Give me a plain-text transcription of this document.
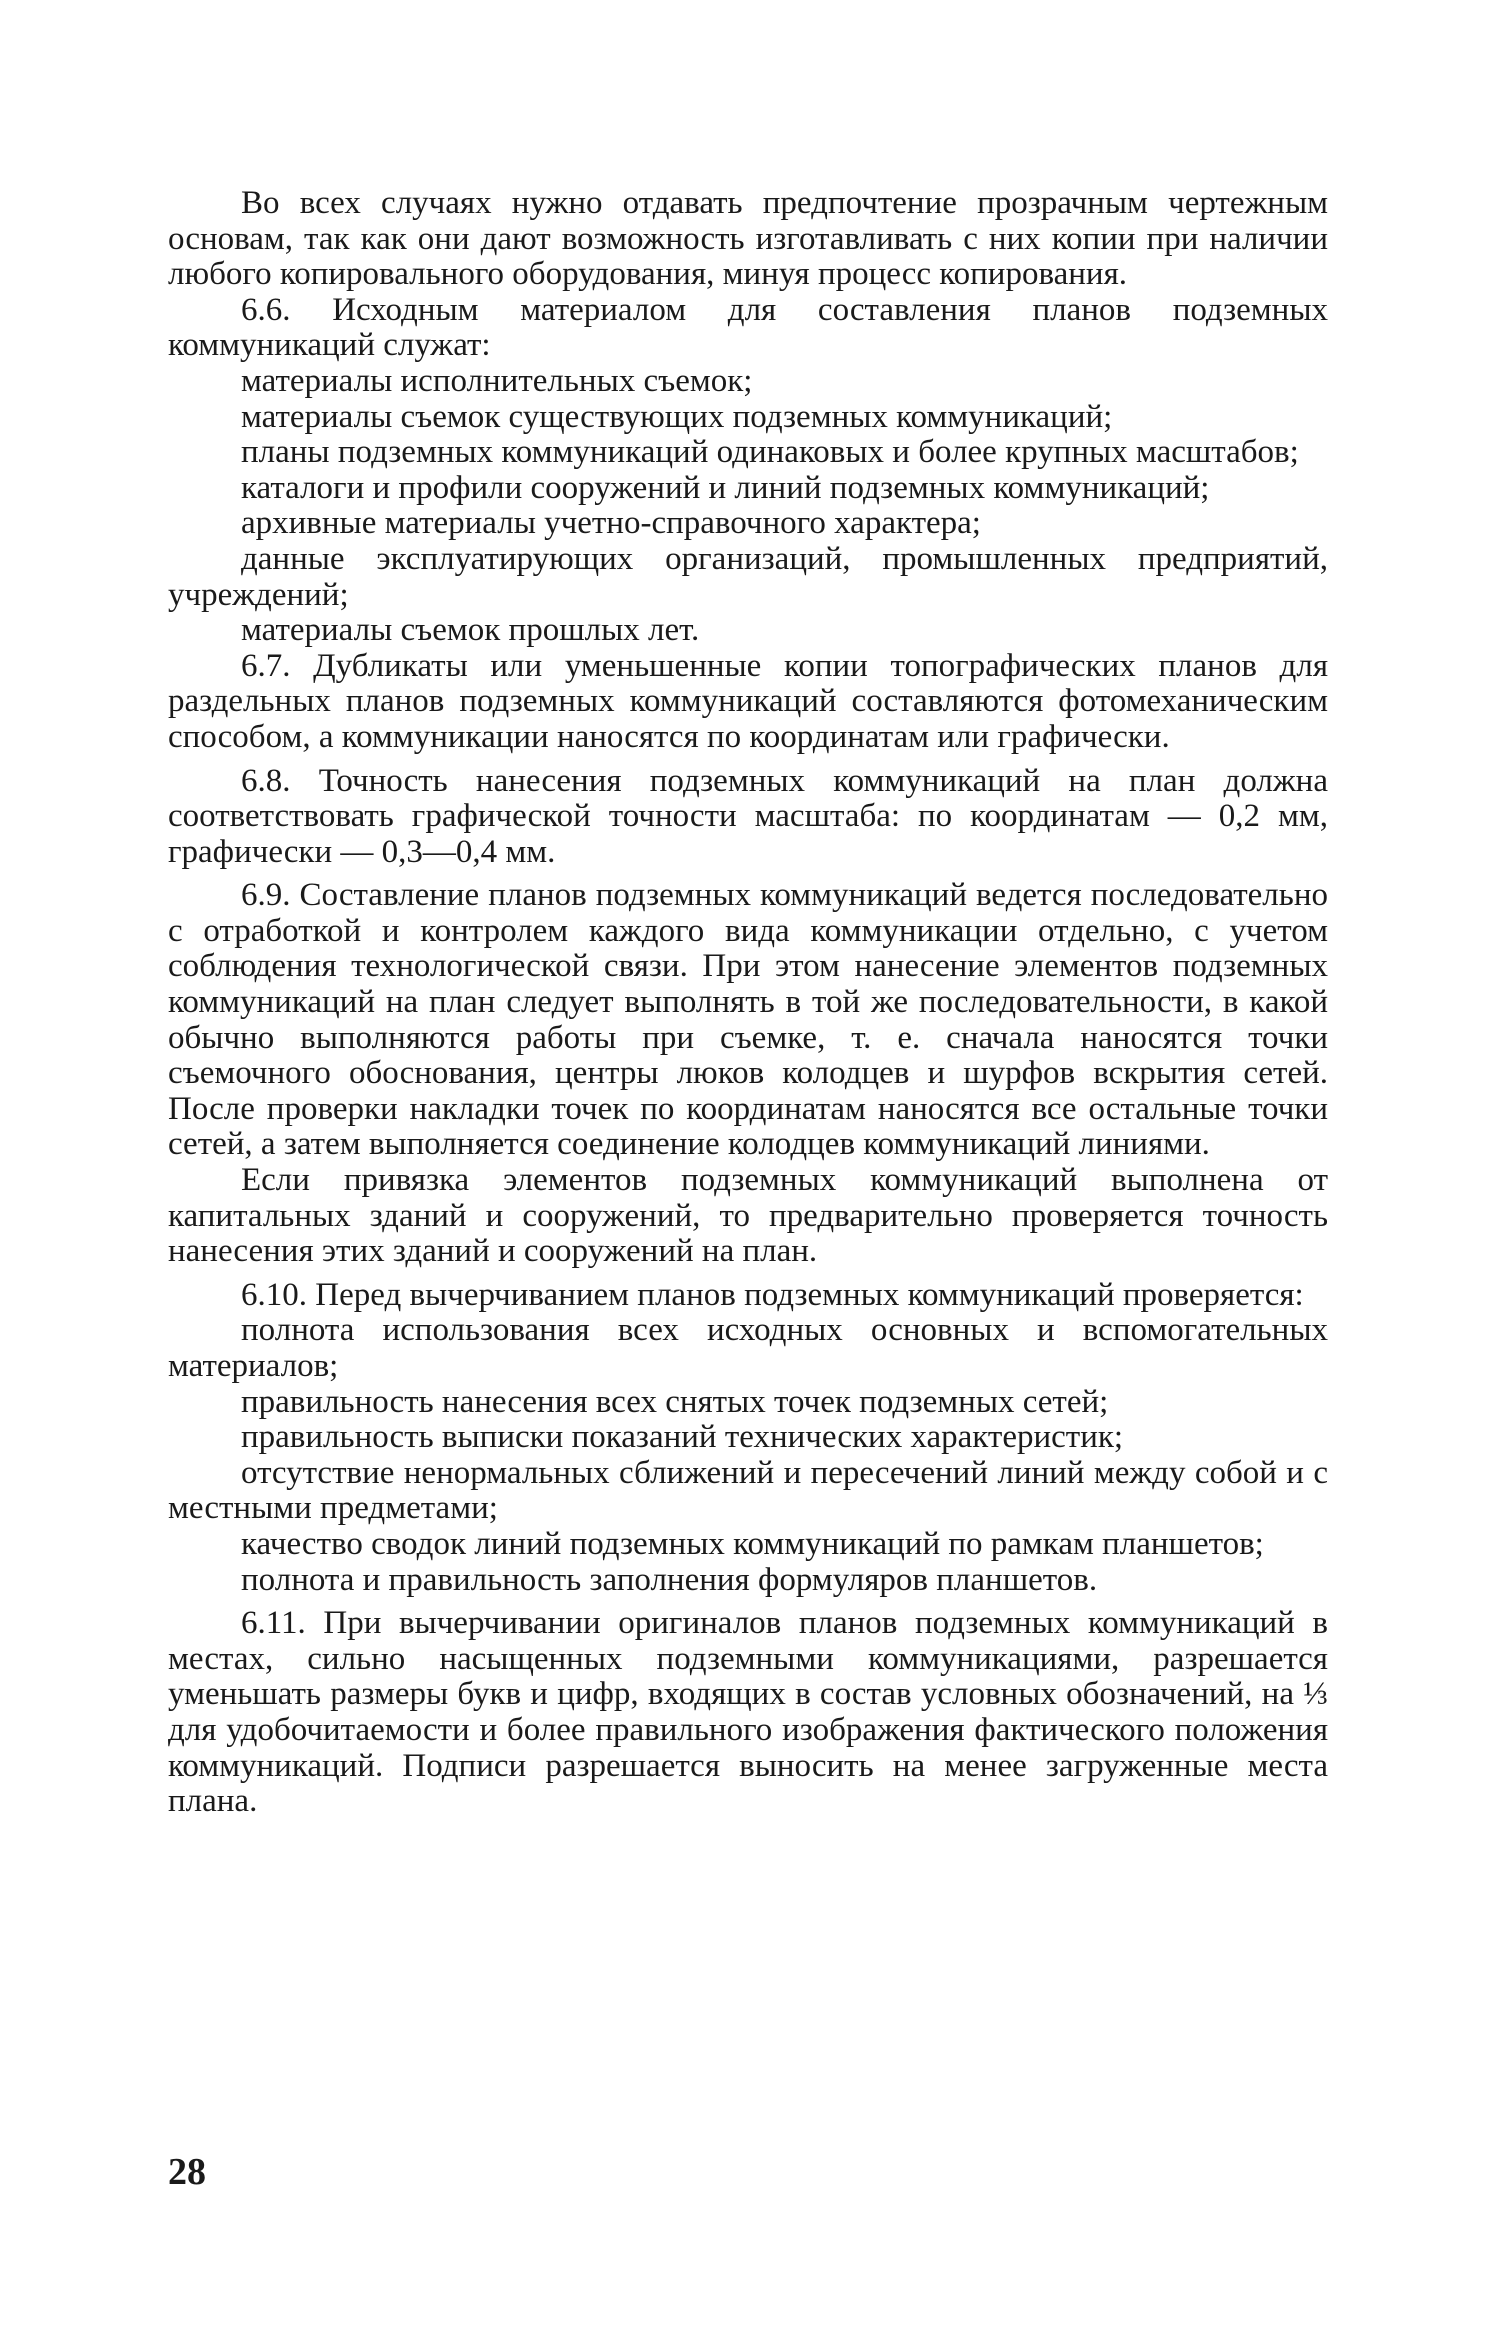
Во всех случаях нужно отдавать предпочтение прозрачным чертежным основам, так как они дают возможность изготавливать с них копии при наличии любого копировального оборудования, минуя процесс копирования.

6.6. Исходным материалом для составления планов подземных коммуникаций служат:

материалы исполнительных съемок;

материалы съемок существующих подземных коммуникаций;

планы подземных коммуникаций одинаковых и более крупных масштабов;

каталоги и профили сооружений и линий подземных коммуникаций;

архивные материалы учетно-справочного характера;

данные эксплуатирующих организаций, промышленных предприятий, учреждений;

материалы съемок прошлых лет.

6.7. Дубликаты или уменьшенные копии топографических планов для раздельных планов подземных коммуникаций составляются фотомеханическим способом, а коммуникации наносятся по координатам или графически.

6.8. Точность нанесения подземных коммуникаций на план должна соответствовать графической точности масштаба: по координатам — 0,2 мм, графически — 0,3—0,4 мм.

6.9. Составление планов подземных коммуникаций ведется последовательно с отработкой и контролем каждого вида коммуникации отдельно, с учетом соблюдения технологической связи. При этом нанесение элементов подземных коммуникаций на план следует выполнять в той же последовательности, в какой обычно выполняются работы при съемке, т. е. сначала наносятся точки съемочного обоснования, центры люков колодцев и шурфов вскрытия сетей. После проверки накладки точек по координатам наносятся все остальные точки сетей, а затем выполняется соединение колодцев коммуникаций линиями.

Если привязка элементов подземных коммуникаций выполнена от капитальных зданий и сооружений, то предварительно проверяется точность нанесения этих зданий и сооружений на план.

6.10. Перед вычерчиванием планов подземных коммуникаций проверяется:

полнота использования всех исходных основных и вспомогательных материалов;

правильность нанесения всех снятых точек подземных сетей;

правильность выписки показаний технических характеристик;

отсутствие ненормальных сближений и пересечений линий между собой и с местными предметами;

качество сводок линий подземных коммуникаций по рамкам планшетов;

полнота и правильность заполнения формуляров планшетов.

6.11. При вычерчивании оригиналов планов подземных коммуникаций в местах, сильно насыщенных подземными коммуникациями, разрешается уменьшать размеры букв и цифр, входящих в состав условных обозначений, на ⅓ для удобочитаемости и более правильного изображения фактического положения коммуникаций. Подписи разрешается выносить на менее загруженные места плана.

28
